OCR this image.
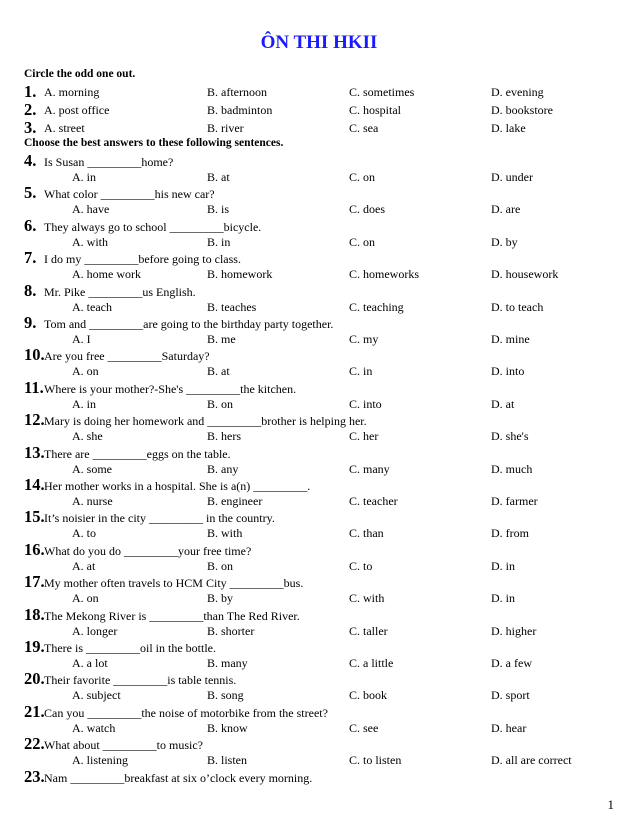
ÔN THI HKII
Circle the odd one out.
Choose the best answers to these following sentences.
1. A. morning	B. afternoon	C. sometimes	D. evening
2. A. post office	B. badminton	C. hospital	D. bookstore
3. A. street	B. river	C. sea	D. lake
4. Is Susan _________home?
A. in	B. at	C. on	D. under
5. What color _________his new car?
A. have	B. is	C. does	D. are
6. They always go to school _________bicycle.
A. with	B. in	C. on	D. by
7. I do my _________before going to class.
A. home work	B. homework	C. homeworks	D. housework
8. Mr. Pike _________us English.
A. teach	B. teaches	C. teaching	D. to teach
9. Tom and _________are going to the birthday party together.
A. I	B. me	C. my	D. mine
10.Are you free _________Saturday?
A. on	B. at	C. in	D. into
11.Where is your mother?-She's _________the kitchen.
A. in	B. on	C. into	D. at
12.Mary is doing her homework and _________brother is helping her.
A. she	B. hers	C. her	D. she's
13.There are _________eggs on the table.
A. some	B. any	C. many	D. much
14.Her mother works in a hospital. She is a(n) _________.
A. nurse	B. engineer	C. teacher	D. farmer
15.It’s noisier in the city _________ in the country.
A. to	B. with	C. than	D. from
16.What do you do _________your free time?
A. at	B. on	C. to	D. in
17.My mother often travels to HCM City _________bus.
A. on	B. by	C. with	D. in
18.The Mekong River is _________than The Red River.
A. longer	B. shorter	C. taller	D. higher
19.There is _________oil in the bottle.
A. a lot	B. many	C. a little	D. a few
20.Their favorite _________is table tennis.
A. subject	B. song	C. book	D. sport
21.Can you _________the noise of motorbike from the street?
A. watch	B. know	C. see	D. hear
22.What about _________to music?
A. listening	B. listen	C. to listen	D. all are correct
23.Nam _________breakfast at six o’clock every morning.
1
